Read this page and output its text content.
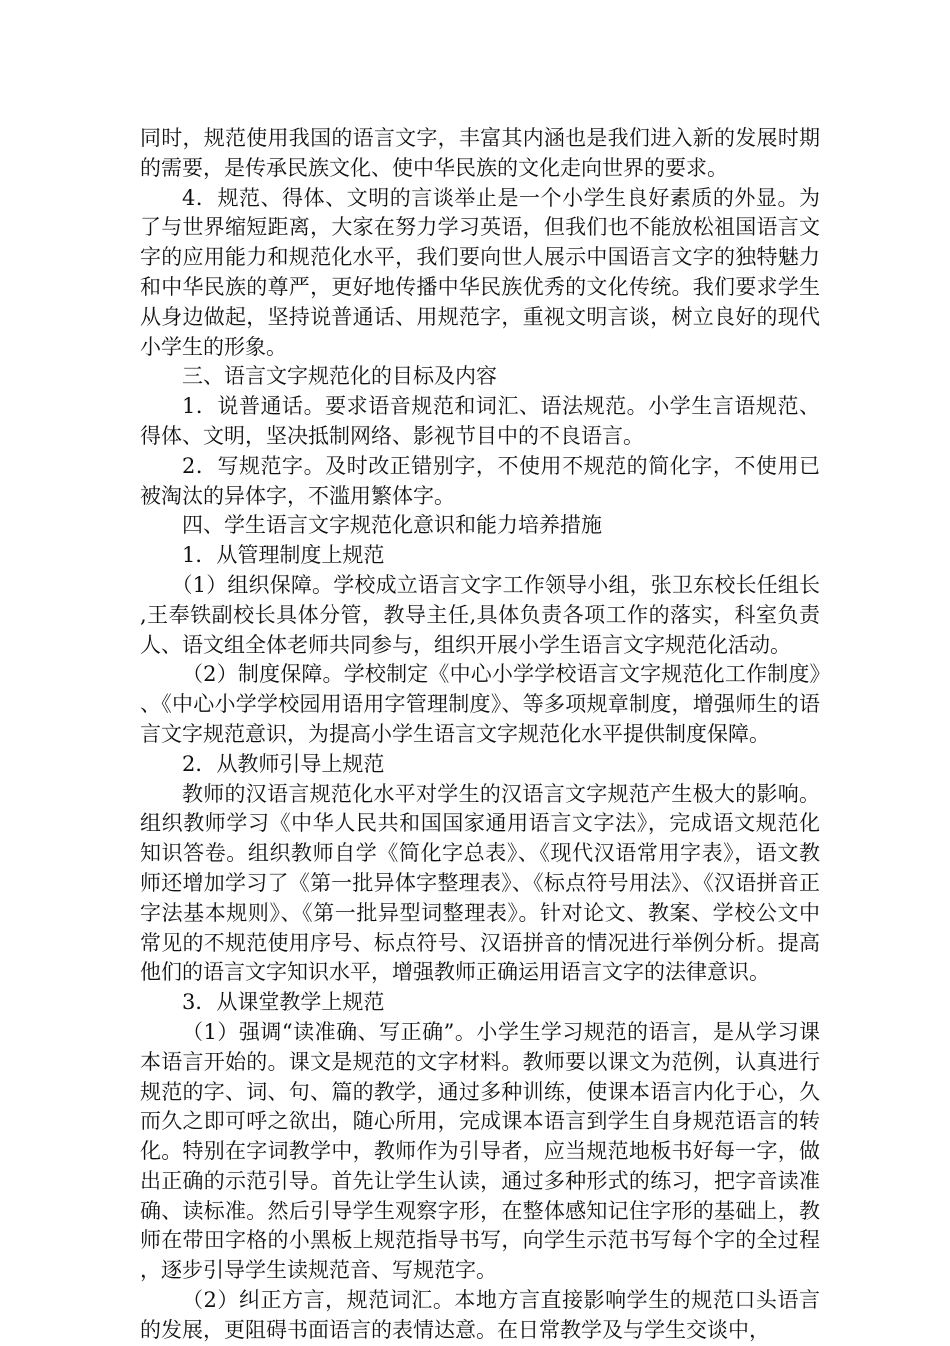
同时，规范使用我国的语言文字，丰富其内涵也是我们进入新的发展时期的需要，是传承民族文化、使中华民族的文化走向世界的要求。

4．规范、得体、文明的言谈举止是一个小学生良好素质的外显。为了与世界缩短距离，大家在努力学习英语，但我们也不能放松祖国语言文字的应用能力和规范化水平，我们要向世人展示中国语言文字的独特魅力和中华民族的尊严，更好地传播中华民族优秀的文化传统。我们要求学生从身边做起，坚持说普通话、用规范字，重视文明言谈，树立良好的现代小学生的形象。

三、语言文字规范化的目标及内容

1．说普通话。要求语音规范和词汇、语法规范。小学生言语规范、得体、文明，坚决抵制网络、影视节目中的不良语言。

2．写规范字。及时改正错别字，不使用不规范的简化字，不使用已被淘汰的异体字，不滥用繁体字。

四、学生语言文字规范化意识和能力培养措施

1．从管理制度上规范

（1）组织保障。学校成立语言文字工作领导小组，张卫东校长任组长,王奉铁副校长具体分管，教导主任,具体负责各项工作的落实，科室负责人、语文组全体老师共同参与，组织开展小学生语言文字规范化活动。

（2）制度保障。学校制定《中心小学学校语言文字规范化工作制度》、《中心小学学校园用语用字管理制度》、等多项规章制度，增强师生的语言文字规范意识，为提高小学生语言文字规范化水平提供制度保障。

2．从教师引导上规范

教师的汉语言规范化水平对学生的汉语言文字规范产生极大的影响。组织教师学习《中华人民共和国国家通用语言文字法》，完成语文规范化知识答卷。组织教师自学《简化字总表》、《现代汉语常用字表》，语文教师还增加学习了《第一批异体字整理表》、《标点符号用法》、《汉语拼音正字法基本规则》、《第一批异型词整理表》。针对论文、教案、学校公文中常见的不规范使用序号、标点符号、汉语拼音的情况进行举例分析。提高他们的语言文字知识水平，增强教师正确运用语言文字的法律意识。

3．从课堂教学上规范

（1）强调“读准确、写正确”。小学生学习规范的语言，是从学习课本语言开始的。课文是规范的文字材料。教师要以课文为范例，认真进行规范的字、词、句、篇的教学，通过多种训练，使课本语言内化于心，久而久之即可呼之欲出，随心所用，完成课本语言到学生自身规范语言的转化。特别在字词教学中，教师作为引导者，应当规范地板书好每一字，做出正确的示范引导。首先让学生认读，通过多种形式的练习，把字音读准确、读标准。然后引导学生观察字形，在整体感知记住字形的基础上，教师在带田字格的小黑板上规范指导书写，向学生示范书写每个字的全过程，逐步引导学生读规范音、写规范字。

（2）纠正方言，规范词汇。本地方言直接影响学生的规范口头语言的发展，更阻碍书面语言的表情达意。在日常教学及与学生交谈中，
